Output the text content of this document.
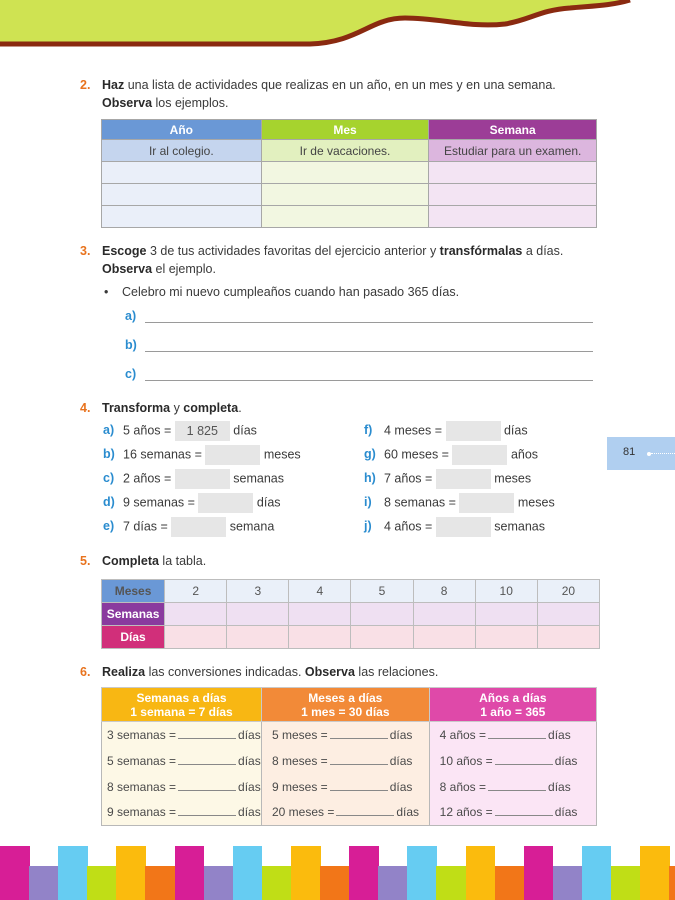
2. Haz una lista de actividades que realizas en un año, en un mes y en una semana.
Observa los ejemplos.
Año	Mes	Semana
Ir al colegio.	Ir de vacaciones.	Estudiar para un examen.

3. Escoge 3 de tus actividades favoritas del ejercicio anterior y transfórmalas a días.
Observa el ejemplo.
• Celebro mi nuevo cumpleaños cuando han pasado 365 días.
a)
b)
c)
4. Transforma y completa.
a) 5 años = 1 825 días
b) 16 semanas =	meses
c) 2 años =	semanas
d) 9 semanas =	días
e) 7 días =	semana
f) 4 meses =	días
g) 60 meses =	años
h) 7 años =	meses
i) 8 semanas =	meses
j) 4 años =	semanas
81
5. Completa la tabla.
Meses	2	3	4	5	8	10	20
Semanas							
Días							
6. Realiza las conversiones indicadas. Observa las relaciones.
Semanas a días
1 semana = 7 días

Meses a días
1 mes = 30 días

Años a días
1 año = 365

3 semanas = días	5 meses = días	4 años = días
5 semanas = días	8 meses = días	10 años = días
8 semanas = días	9 meses = días	8 años = días
9 semanas = días	20 meses = días	12 años = días
